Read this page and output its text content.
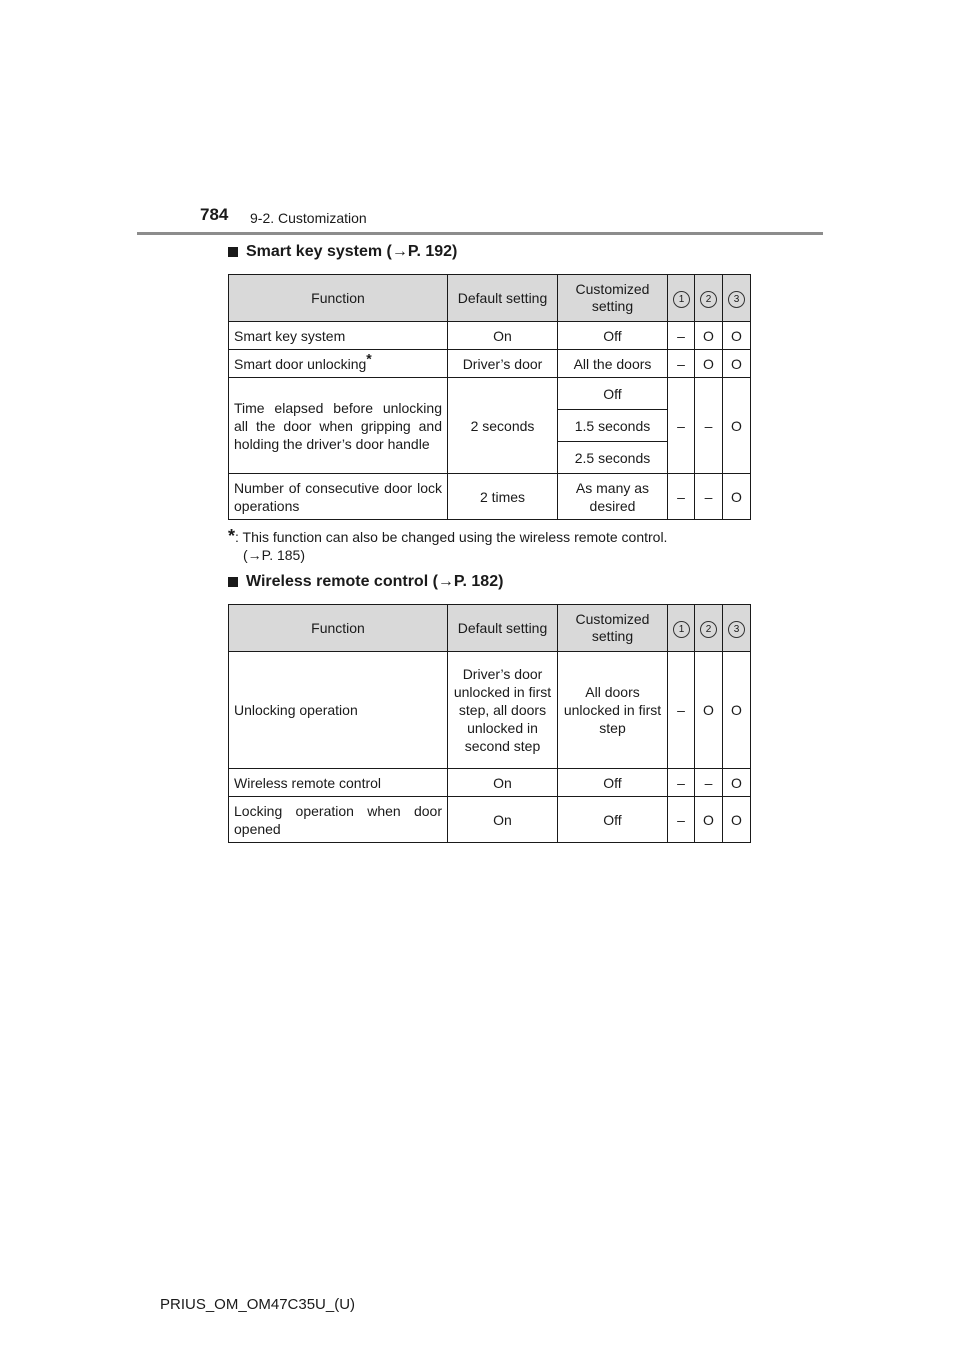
784 9-2. Customization
Smart key system (→P. 192)
Function	Default setting	Customized setting	1	2	3
Smart key system	On	Off	–	O	O
Smart door unlocking*	Driver’s door	All the doors	–	O	O
Time elapsed before unlocking all the door when gripping and holding the driver’s door handle	2 seconds	Off	–	–	O
		1.5 seconds			
		2.5 seconds			
Number of consecutive door lock operations	2 times	As many as desired	–	–	O
*: This function can also be changed using the wireless remote control.
(→P. 185)
Wireless remote control (→P. 182)
Function	Default setting	Customized setting	1	2	3
Unlocking operation	Driver’s door unlocked in first step, all doors unlocked in second step	All doors unlocked in first step	–	O	O
Wireless remote control	On	Off	–	–	O
Locking operation when door opened	On	Off	–	O	O
PRIUS_OM_OM47C35U_(U)
